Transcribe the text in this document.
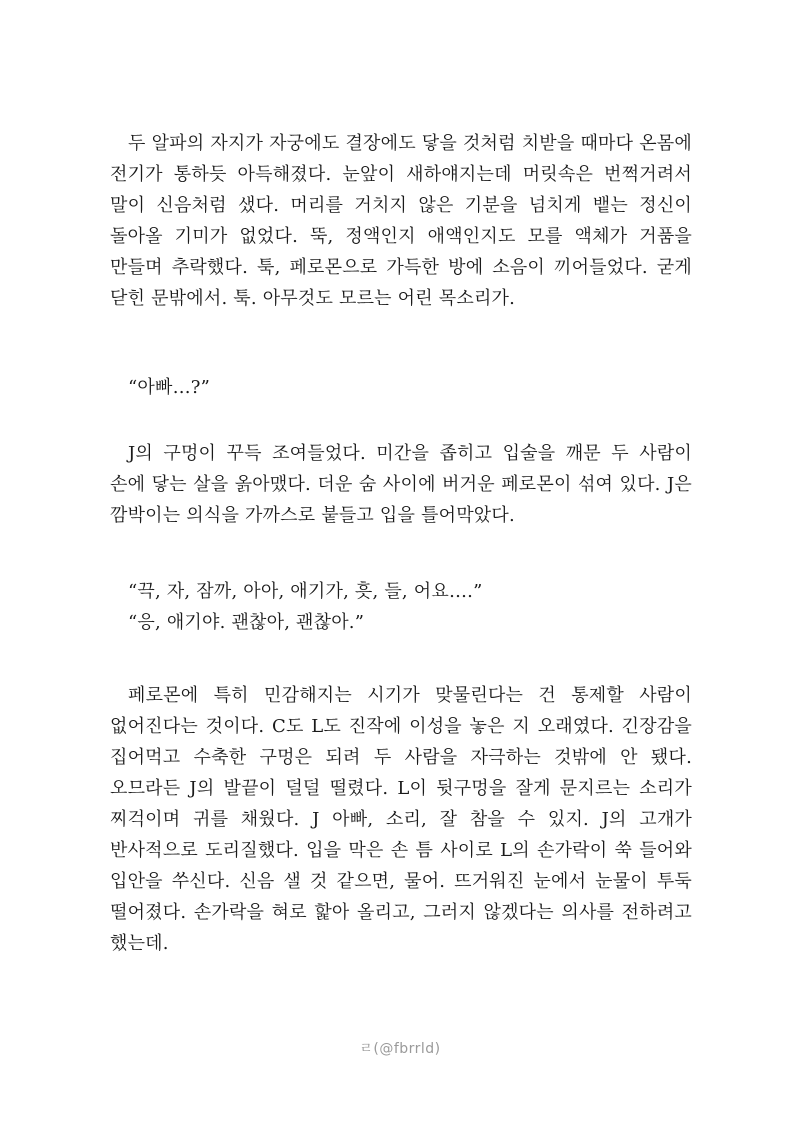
두 알파의 자지가 자궁에도 결장에도 닿을 것처럼 치받을 때마다 온몸에 전기가 통하듯 아득해졌다. 눈앞이 새하얘지는데 머릿속은 번쩍거려서 말이 신음처럼 샜다. 머리를 거치지 않은 기분을 넘치게 뱉는 정신이 돌아올 기미가 없었다. 뚝, 정액인지 애액인지도 모를 액체가 거품을 만들며 추락했다. 툭, 페로몬으로 가득한 방에 소음이 끼어들었다. 굳게 닫힌 문밖에서. 툭. 아무것도 모르는 어린 목소리가.

“아빠…?”

J의 구멍이 꾸득 조여들었다. 미간을 좁히고 입술을 깨문 두 사람이 손에 닿는 살을 옭아맸다. 더운 숨 사이에 버거운 페로몬이 섞여 있다. J은 깜박이는 의식을 가까스로 붙들고 입을 틀어막았다.

“끅, 자, 잠까, 아아, 애기가, 흣, 들, 어요….”

“응, 애기야. 괜찮아, 괜찮아.”

페로몬에 특히 민감해지는 시기가 맞물린다는 건 통제할 사람이 없어진다는 것이다. C도 L도 진작에 이성을 놓은 지 오래였다. 긴장감을 집어먹고 수축한 구멍은 되려 두 사람을 자극하는 것밖에 안 됐다. 오므라든 J의 발끝이 덜덜 떨렸다. L이 뒷구멍을 잘게 문지르는 소리가 찌걱이며 귀를 채웠다. J 아빠, 소리, 잘 참을 수 있지. J의 고개가 반사적으로 도리질했다. 입을 막은 손 틈 사이로 L의 손가락이 쑥 들어와 입안을 쑤신다. 신음 샐 것 같으면, 물어. 뜨거워진 눈에서 눈물이 투둑 떨어졌다. 손가락을 혀로 핥아 올리고, 그러지 않겠다는 의사를 전하려고 했는데.

ㄹ(@fbrrld)
